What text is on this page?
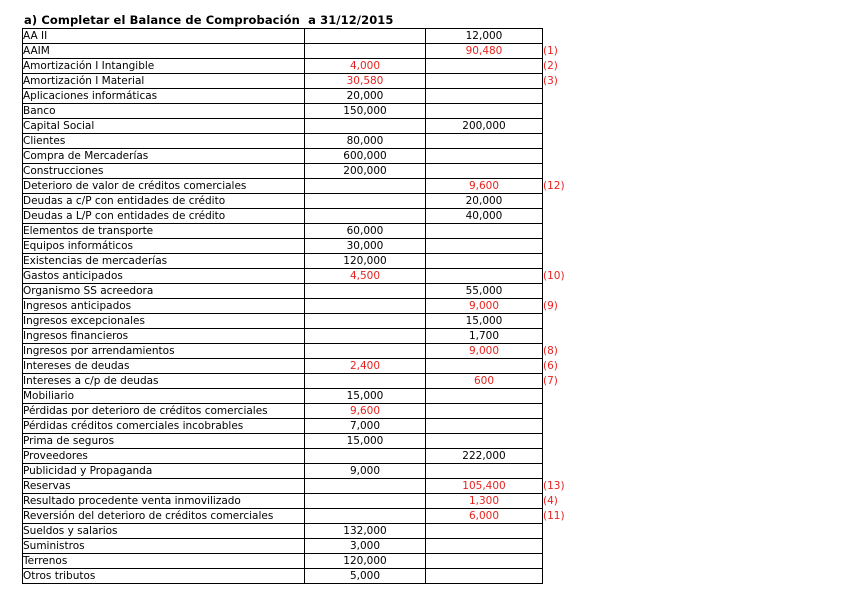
a) Completar el Balance de Comprobación  a 31/12/2015
AA II		12,000	
AAIM		90,480	(1)
Amortización I Intangible	4,000		(2)
Amortización I Material	30,580		(3)
Aplicaciones informáticas	20,000		
Banco	150,000		
Capital Social		200,000	
Clientes	80,000		
Compra de Mercaderías	600,000		
Construcciones	200,000		
Deterioro de valor de créditos comerciales		9,600	(12)
Deudas a c/P con entidades de crédito		20,000	
Deudas a L/P con entidades de crédito		40,000	
Elementos de transporte	60,000		
Equipos informáticos	30,000		
Existencias de mercaderías	120,000		
Gastos anticipados	4,500		(10)
Organismo SS acreedora		55,000	
Ingresos anticipados		9,000	(9)
Ingresos excepcionales		15,000	
Ingresos financieros		1,700	
Ingresos por arrendamientos		9,000	(8)
Intereses de deudas	2,400		(6)
Intereses a c/p de deudas		600	(7)
Mobiliario	15,000		
Pérdidas por deterioro de créditos comerciales	9,600		
Pérdidas créditos comerciales incobrables	7,000		
Prima de seguros	15,000		
Proveedores		222,000	
Publicidad y Propaganda	9,000		
Reservas		105,400	(13)
Resultado procedente venta inmovilizado		1,300	(4)
Reversión del deterioro de créditos comerciales		6,000	(11)
Sueldos y salarios	132,000		
Suministros	3,000		
Terrenos	120,000		
Otros tributos	5,000		
